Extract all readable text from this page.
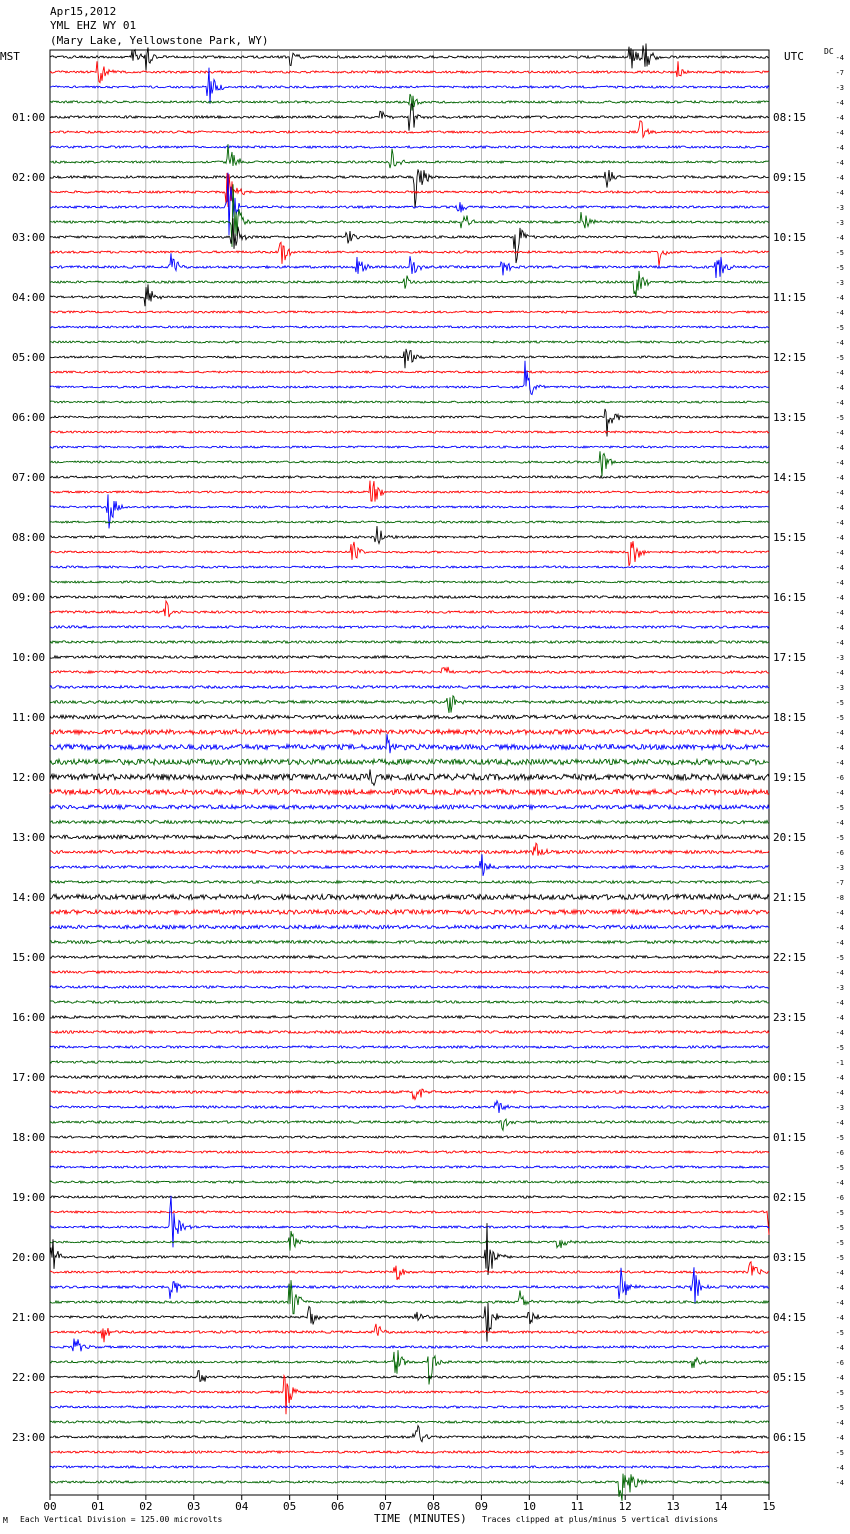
Apr15,2012
YML EHZ WY 01
(Mary Lake, Yellowstone Park, WY)
MST	UTC	DC
-4
-7
-3
-4
-4
-4
-4
-4
-4
-4
-3
-3
-4
-5
-5
-3
-4
-4
-5
-4
-5
-4
-4
-4
-5
-4
-4
-4
-4
-4
-4
-4
-4
-4
-4
-4
-4
-4
-4
-4
-3
-4
-3
-5
-5
-4
-4
-4
-6
-4
-5
-4
-5
-6
-3
-7
-8
-4
-4
-4
-5
-4
-3
-4
-4
-4
-5
-1
-4
-4
-3
-4
-5
-6
-5
-4
-6
-5
-5
-5
-5
-4
-4
-4
-4
-5
-4
-6
-4
-5
-5
-4
-4
-5
-4
-4
01:00
02:00
03:00
04:00
05:00
06:00
07:00
08:00
09:00
10:00
11:00
12:00
13:00
14:00
15:00
16:00
17:00
18:00
19:00
20:00
21:00
22:00
23:00
08:15
09:15
10:15
11:15
12:15
13:15
14:15
15:15
16:15
17:15
18:15
19:15
20:15
21:15
22:15
23:15
00:15
01:15
02:15
03:15
04:15
05:15
06:15
00	01	02	03	04	05	06	07	08	09	10	11	12	13	14	15
M Each Vertical Division = 125.00 microvolts	TIME (MINUTES) Traces clipped at plus/minus 5 vertical divisions
